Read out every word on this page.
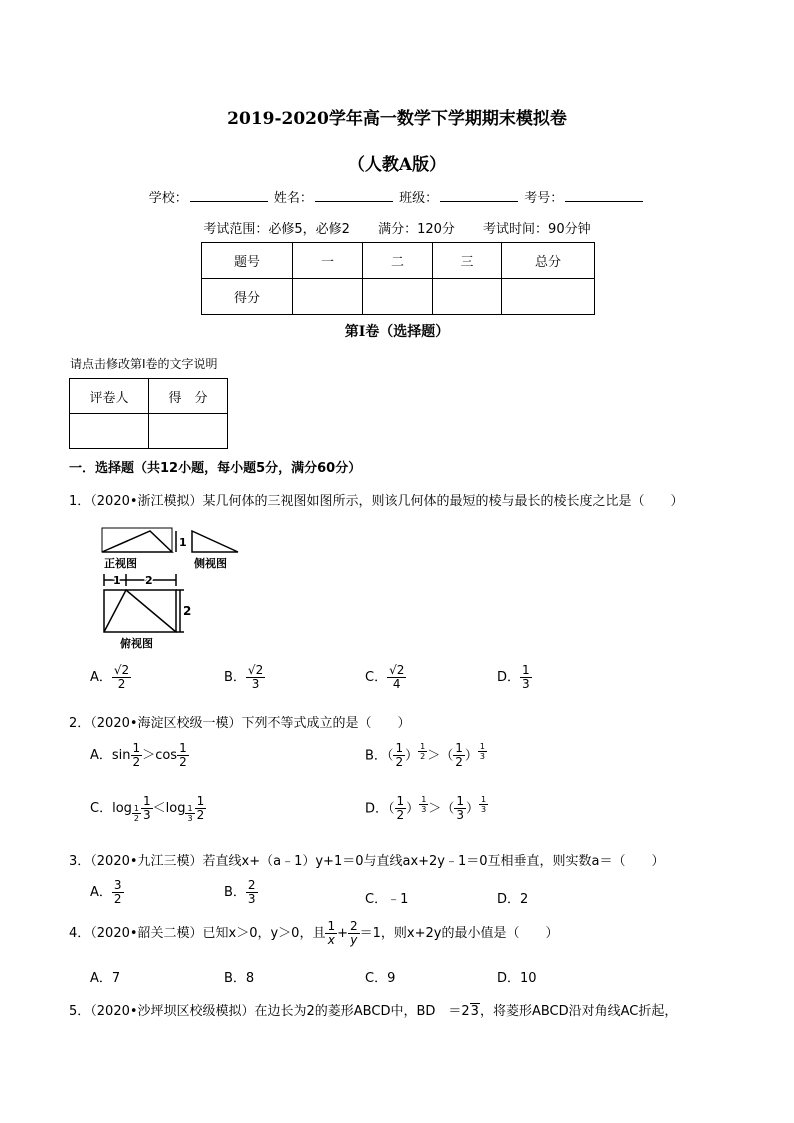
2019-2020学年高一数学下学期期末模拟卷
（人教A版）
学校：	姓名：	班级：	考号：
考试范围：必修5，必修2 满分：120分 考试时间：90分钟
题号	一	二	三	总分
得分				
第Ⅰ卷（选择题）
请点击修改第I卷的文字说明
评卷人	得　分

一．选择题（共12小题，每小题5分，满分60分）
1．（2020•浙江模拟）某几何体的三视图如图所示，则该几何体的最短的棱与最长的棱长度之比是（　　）
1
正视图	侧视图
1 2
2
俯视图
A． $\frac{√2}{2}$	B． $\frac{√2}{3}$	C． $\frac{√2}{4}$	D． $\frac{1}{3}$
2．（2020•海淀区校级一模）下列不等式成立的是（　　）
A．$\sin \frac{1}{2} >\cos \frac{1}{2}$	B．（ $\frac{1}{2}$ ） $^{\frac{1}{2}}$ ＞（ $\frac{1}{2}$ ） $^{\frac{1}{3}}$
C．$\log _{\frac{1}{2}} \frac{1}{3} <\log$ $_{\frac{1}{3}} \frac{1}{2}$	D．（ $\frac{1}{2}$ ） $^{\frac{1}{3}}$ ＞（ $\frac{1}{3}$ ） $^{\frac{1}{3}}$
3．（2020•九江三模）若直线x+（a﹣1）y+1＝0与直线ax+2y﹣1＝0互相垂直，则实数a＝（　　）
A． $\frac{3}{2}$	B． $\frac{2}{3}$	C．﹣1	D．2
4．（2020•韶关二模）已知x＞0，y＞0，且 $\frac{1}{x} + \frac{2}{y} =1$，则x+2y的最小值是（　　）
A．7	B．8	C．9	D．10
5．（2020•沙坪坝区校级模拟）在边长为2的菱形ABCD中，BD　＝23，将菱形ABCD沿对角线AC折起，
